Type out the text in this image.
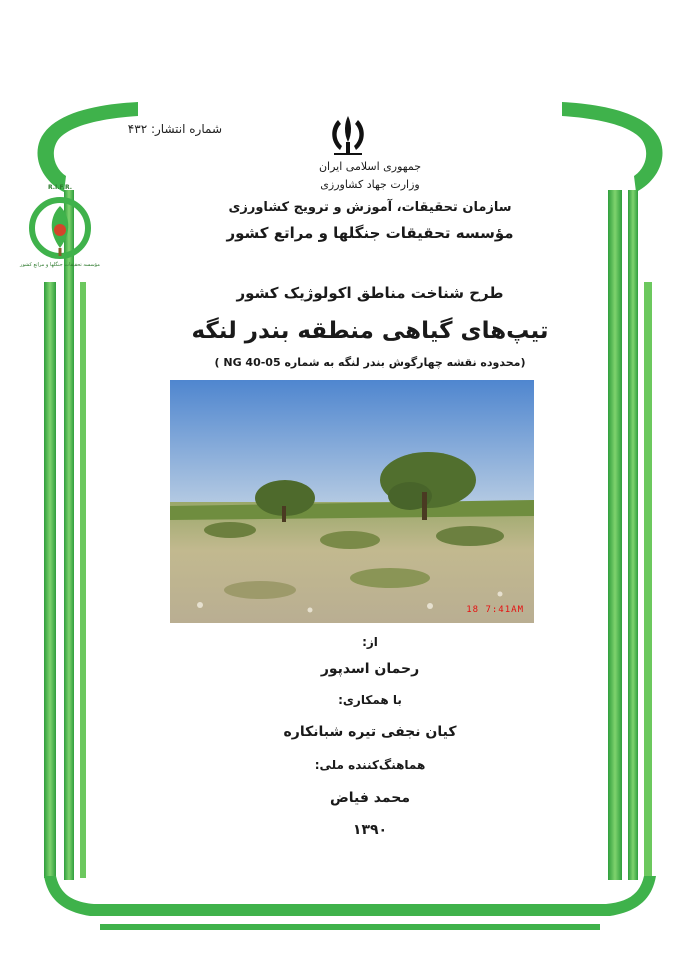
R.I.F.R.
مؤسسه تحقیقات جنگلها و مراتع کشور
شماره انتشار: ۴۳۲
جمهوری اسلامی ایران
وزارت جهاد کشاورزی
سازمان تحقیقات، آموزش و ترویج کشاورزی
مؤسسه تحقیقات جنگلها و مراتع کشور
طرح شناخت مناطق اکولوژیک کشور
تیپ‌های گیاهی منطقه بندر لنگه
(محدوده نقشه چهارگوش بندر لنگه به شماره NG 40-05 )
18 7:41AM
از:
رحمان اسدپور
با همکاری:
کیان نجفی تیره شبانکاره
هماهنگ‌کننده ملی:
محمد فیاض
۱۳۹۰
